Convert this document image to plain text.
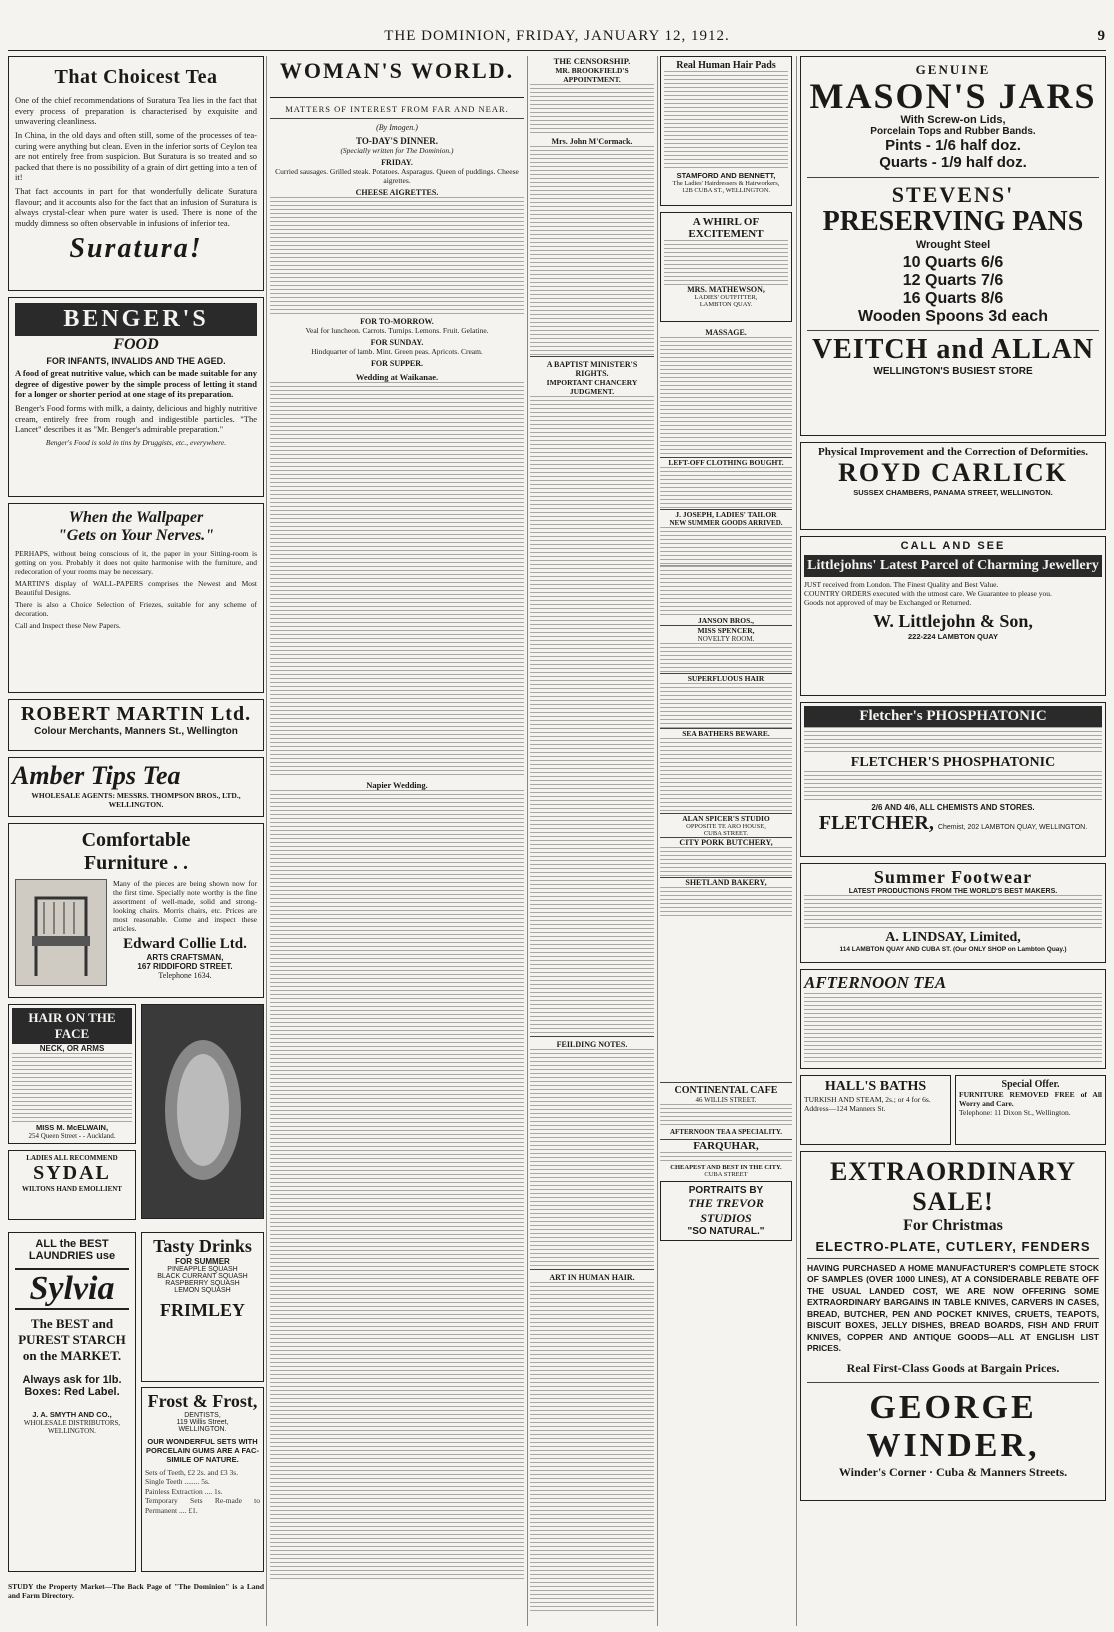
THE DOMINION, FRIDAY, JANUARY 12, 1912.	9
That Choicest Tea

One of the chief recommendations of Suratura Tea lies in the fact that every process of preparation is characterised by exquisite and unwavering cleanliness.

In China, in the old days and often still, some of the processes of tea-curing were anything but clean. Even in the inferior sorts of Ceylon tea are not entirely free from suspicion. But Suratura is so treated and so packed that there is no possibility of a grain of dirt getting into a ten of it!

That fact accounts in part for that wonderfully delicate Suratura flavour; and it accounts also for the fact that an infusion of Suratura is always crystal-clear when pure water is used. There is none of the muddy dimness so often observable in infusions of inferior tea.

Suratura!
BENGER'S
FOOD
FOR INFANTS, INVALIDS AND THE AGED.

A food of great nutritive value, which can be made suitable for any degree of digestive power by the simple process of letting it stand for a longer or shorter period at one stage of its preparation.

Benger's Food forms with milk, a dainty, delicious and highly nutritive cream, entirely free from rough and indigestible particles. "The Lancet" describes it as "Mr. Benger's admirable preparation."

Benger's Food is sold in tins by Druggists, etc., everywhere.
When the Wallpaper
"Gets on Your Nerves."

PERHAPS, without being conscious of it, the paper in your Sitting-room is getting on you. Probably it does not quite harmonise with the furniture, and redecoration of your rooms may be necessary.

MARTIN'S display of WALL-PAPERS comprises the Newest and Most Beautiful Designs.

There is also a Choice Selection of Friezes, suitable for any scheme of decoration.

Call and Inspect these New Papers.

ROBERT MARTIN Ltd.
Colour Merchants, Manners St., Wellington
Amber Tips Tea
WHOLESALE AGENTS: MESSRS. THOMPSON BROS., LTD., WELLINGTON.
Comfortable
Furniture . .

Many of the pieces are being shown now for the first time. Specially note worthy is the fine assortment of well-made, solid and strong-looking chairs. Morris chairs, etc. Prices are most reasonable. Come and inspect these articles.

Edward Collie Ltd.
ARTS CRAFTSMAN,
167 RIDDIFORD STREET.
Telephone 1634.
HAIR ON THE FACE
NECK, OR ARMS
MISS M. McELWAIN,
254 Queen Street - - Auckland.
LADIES ALL RECOMMEND
SYDAL
WILTONS HAND EMOLLIENT
ALL the BEST
LAUNDRIES use
Sylvia
The BEST and
PUREST STARCH
on the MARKET.
Always ask for 1lb.
Boxes: Red Label.
J. A. SMYTH AND CO.,
WHOLESALE DISTRIBUTORS,
WELLINGTON.
Tasty Drinks
FOR SUMMER
PINEAPPLE SQUASH
BLACK CURRANT SQUASH
RASPBERRY SQUASH
LEMON SQUASH
FRIMLEY
Frost & Frost,
DENTISTS,
119 Willis Street,
WELLINGTON.
OUR WONDERFUL SETS WITH PORCELAIN GUMS ARE A FAC-SIMILE OF NATURE.
Sets of Teeth, £2 2s. and £3 3s.
Single Teeth ........ 5s.
Painless Extraction .... 1s.
Temporary Sets Re-made to Permanent .... £1.
STUDY the Property Market—The Back Page of "The Dominion" is a Land and Farm Directory.
WOMAN'S WORLD.
MATTERS OF INTEREST FROM FAR AND NEAR.
(By Imogen.)
TO-DAY'S DINNER.
(Specially written for The Dominion.)
FRIDAY.
Curried sausages. Grilled steak. Potatoes. Asparagus. Queen of puddings. Cheese aigrettes.
CHEESE AIGRETTES.
FOR TO-MORROW.
Veal for luncheon. Carrots. Turnips. Lemons. Fruit. Gelatine.
FOR SUNDAY.
Hindquarter of lamb. Mint. Green peas. Apricots. Cream.
FOR SUPPER.
Wedding at Waikanae.
Napier Wedding.
THE CENSORSHIP.
MR. BROOKFIELD'S APPOINTMENT.
Mrs. John M'Cormack.
A BAPTIST MINISTER'S RIGHTS.
IMPORTANT CHANCERY JUDGMENT.
FEILDING NOTES.
ART IN HUMAN HAIR.
Real Human Hair Pads
STAMFORD AND BENNETT,
The Ladies' Hairdressers & Hairworkers,
12B CUBA ST., WELLINGTON.
A WHIRL OF
EXCITEMENT
MRS. MATHEWSON,
LADIES' OUTFITTER,
LAMBTON QUAY.
MASSAGE.
LEFT-OFF CLOTHING BOUGHT.
J. JOSEPH, LADIES' TAILOR
NEW SUMMER GOODS ARRIVED.
JANSON BROS.,
MISS SPENCER,
NOVELTY ROOM.
SUPERFLUOUS HAIR
SEA BATHERS BEWARE.
ALAN SPICER'S STUDIO
OPPOSITE TE ARO HOUSE,
CUBA STREET.
CITY PORK BUTCHERY,
SHETLAND BAKERY,
GENUINE
MASON'S JARS
With Screw-on Lids,
Porcelain Tops and Rubber Bands.
Pints - 1/6 half doz.
Quarts - 1/9 half doz.
STEVENS'
PRESERVING PANS
Wrought Steel
10 Quarts 6/6
12 Quarts 7/6
16 Quarts 8/6
Wooden Spoons 3d each
VEITCH and ALLAN
WELLINGTON'S BUSIEST STORE
Physical Improvement and the Correction of Deformities.
ROYD CARLICK
SUSSEX CHAMBERS, PANAMA STREET, WELLINGTON.
CALL AND SEE
Littlejohns' Latest Parcel of Charming Jewellery
JUST received from London. The Finest Quality and Best Value.
COUNTRY ORDERS executed with the utmost care. We Guarantee to please you.
Goods not approved of may be Exchanged or Returned.
W. Littlejohn & Son,
222-224 LAMBTON QUAY
Fletcher's PHOSPHATONIC
FLETCHER'S PHOSPHATONIC
2/6 AND 4/6, ALL CHEMISTS AND STORES.
FLETCHER, Chemist, 202 LAMBTON QUAY, WELLINGTON.
Summer Footwear
LATEST PRODUCTIONS FROM THE WORLD'S BEST MAKERS.
A. LINDSAY, Limited,
114 LAMBTON QUAY AND CUBA ST. (Our ONLY SHOP on Lambton Quay.)
AFTERNOON TEA
HALL'S BATHS
TURKISH AND STEAM, 2s.; or 4 for 6s.
Address—124 Manners St.
Special Offer.
FURNITURE REMOVED FREE of All Worry and Care.
Telephone: 11 Dixon St., Wellington.
EXTRAORDINARY SALE!
For Christmas
ELECTRO-PLATE, CUTLERY, FENDERS
HAVING PURCHASED A HOME MANUFACTURER'S COMPLETE STOCK OF SAMPLES (OVER 1000 LINES), AT A CONSIDERABLE REBATE OFF THE USUAL LANDED COST, WE ARE NOW OFFERING SOME EXTRAORDINARY BARGAINS IN TABLE KNIVES, CARVERS IN CASES, BREAD, BUTCHER, PEN AND POCKET KNIVES, CRUETS, TEAPOTS, BISCUIT BOXES, JELLY DISHES, BREAD BOARDS, FISH AND FRUIT KNIVES, COPPER AND ANTIQUE GOODS—ALL AT ENGLISH LIST PRICES.
Real First-Class Goods at Bargain Prices.
GEORGE WINDER,
Winder's Corner · Cuba & Manners Streets.
CONTINENTAL CAFE
46 WILLIS STREET.
AFTERNOON TEA A SPECIALITY.
FARQUHAR,
CHEAPEST AND BEST IN THE CITY.
CUBA STREET
PORTRAITS BY
THE TREVOR STUDIOS
"SO NATURAL."
